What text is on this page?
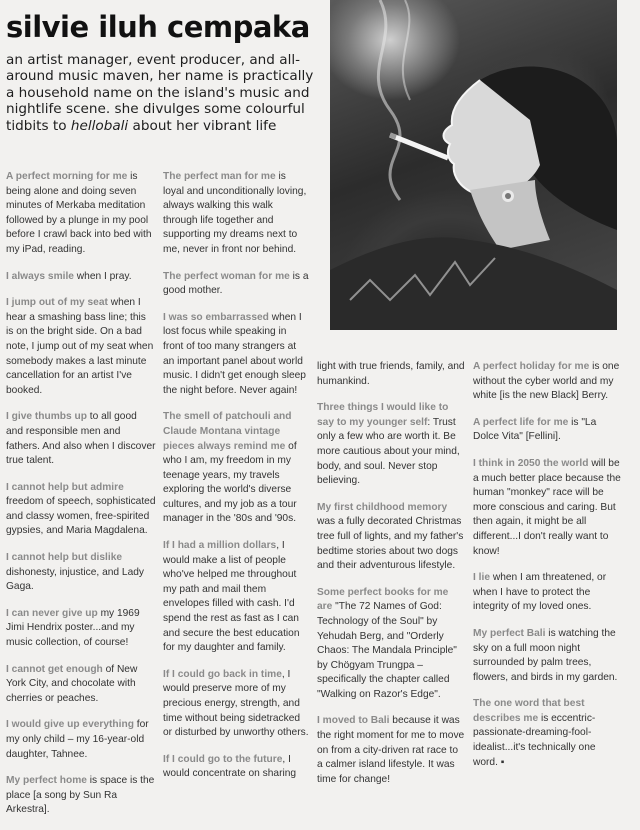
silvie iluh cempaka

an artist manager, event producer, and all-around music maven, her name is practically a household name on the island's music and nightlife scene. she divulges some colourful tidbits to hellobali about her vibrant life

A perfect morning for me is being alone and doing seven minutes of Merkaba meditation followed by a plunge in my pool before I crawl back into bed with my iPad, reading.

I always smile when I pray.

I jump out of my seat when I hear a smashing bass line; this is on the bright side. On a bad note, I jump out of my seat when somebody makes a last minute cancellation for an artist I've booked.

I give thumbs up to all good and responsible men and fathers. And also when I discover true talent.

I cannot help but admire freedom of speech, sophisticated and classy women, free-spirited gypsies, and Maria Magdalena.

I cannot help but dislike dishonesty, injustice, and Lady Gaga.

I can never give up my 1969 Jimi Hendrix poster...and my music collection, of course!

I cannot get enough of New York City, and chocolate with cherries or peaches.

I would give up everything for my only child – my 16-year-old daughter, Tahnee.

My perfect home is space is the place [a song by Sun Ra Arkestra].

The perfect man for me is loyal and unconditionally loving, always walking this walk through life together and supporting my dreams next to me, never in front nor behind.

The perfect woman for me is a good mother.

I was so embarrassed when I lost focus while speaking in front of too many strangers at an important panel about world music. I didn't get enough sleep the night before. Never again!

The smell of patchouli and Claude Montana vintage pieces always remind me of who I am, my freedom in my teenage years, my travels exploring the world's diverse cultures, and my job as a tour manager in the '80s and '90s.

If I had a million dollars, I would make a list of people who've helped me throughout my path and mail them envelopes filled with cash. I'd spend the rest as fast as I can and secure the best education for my daughter and family.

If I could go back in time, I would preserve more of my precious energy, strength, and time without being sidetracked or disturbed by unworthy others.

If I could go to the future, I would concentrate on sharing

light with true friends, family, and humankind.

Three things I would like to say to my younger self: Trust only a few who are worth it. Be more cautious about your mind, body, and soul. Never stop believing.

My first childhood memory was a fully decorated Christmas tree full of lights, and my father's bedtime stories about two dogs and their adventurous lifestyle.

Some perfect books for me are "The 72 Names of God: Technology of the Soul" by Yehudah Berg, and "Orderly Chaos: The Mandala Principle" by Chögyam Trungpa – specifically the chapter called "Walking on Razor's Edge".

I moved to Bali because it was the right moment for me to move on from a city-driven rat race to a calmer island lifestyle. It was time for change!

A perfect holiday for me is one without the cyber world and my white [is the new Black] Berry.

A perfect life for me is "La Dolce Vita" [Fellini].

I think in 2050 the world will be a much better place because the human "monkey" race will be more conscious and caring. But then again, it might be all different...I don't really want to know!

I lie when I am threatened, or when I have to protect the integrity of my loved ones.

My perfect Bali is watching the sky on a full moon night surrounded by palm trees, flowers, and birds in my garden.

The one word that best describes me is eccentric-passionate-dreaming-fool-idealist...it's technically one word. ▪
